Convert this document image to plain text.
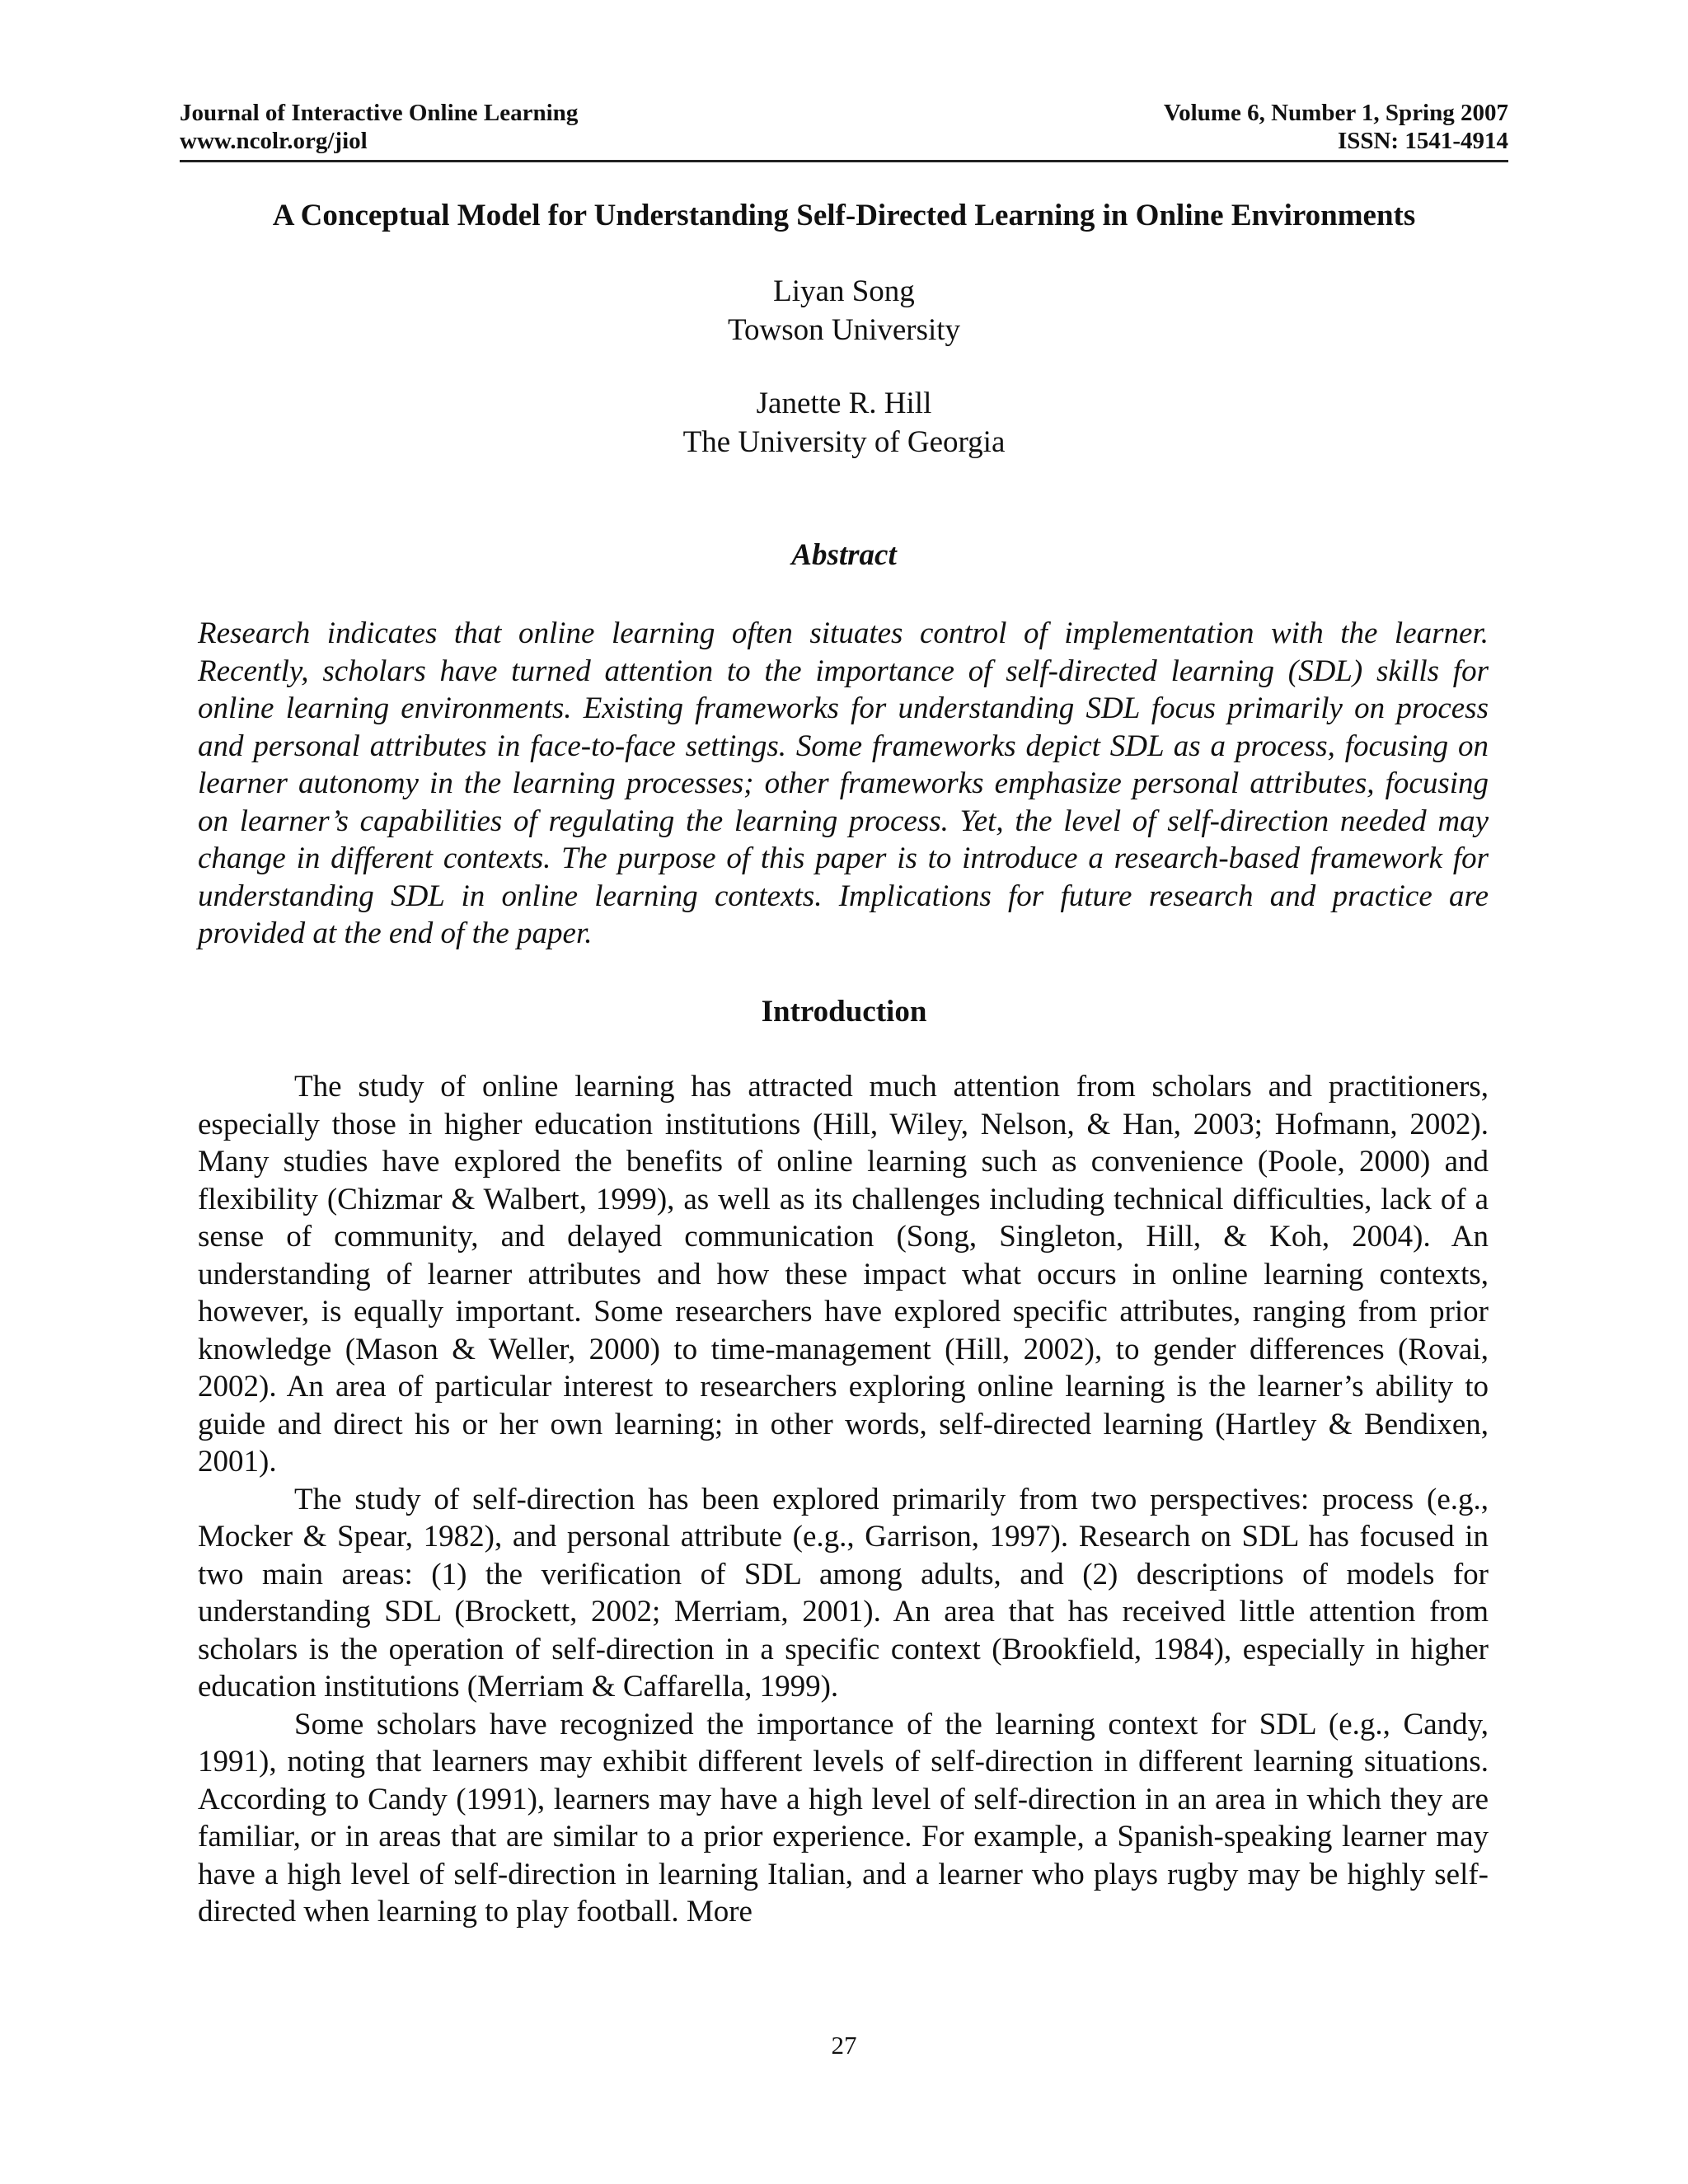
Journal of Interactive Online Learning	Volume 6, Number 1, Spring 2007
www.ncolr.org/jiol	ISSN: 1541-4914
A Conceptual Model for Understanding Self-Directed Learning in Online Environments
Liyan Song
Towson University
Janette R. Hill
The University of Georgia
Abstract

Research indicates that online learning often situates control of implementation with the learner. Recently, scholars have turned attention to the importance of self-directed learning (SDL) skills for online learning environments. Existing frameworks for understanding SDL focus primarily on process and personal attributes in face-to-face settings. Some frameworks depict SDL as a process, focusing on learner autonomy in the learning processes; other frameworks emphasize personal attributes, focusing on learner’s capabilities of regulating the learning process. Yet, the level of self-direction needed may change in different contexts. The purpose of this paper is to introduce a research-based framework for understanding SDL in online learning contexts. Implications for future research and practice are provided at the end of the paper.

Introduction

The study of online learning has attracted much attention from scholars and practitioners, especially those in higher education institutions (Hill, Wiley, Nelson, & Han, 2003; Hofmann, 2002). Many studies have explored the benefits of online learning such as convenience (Poole, 2000) and flexibility (Chizmar & Walbert, 1999), as well as its challenges including technical difficulties, lack of a sense of community, and delayed communication (Song, Singleton, Hill, & Koh, 2004). An understanding of learner attributes and how these impact what occurs in online learning contexts, however, is equally important. Some researchers have explored specific attributes, ranging from prior knowledge (Mason & Weller, 2000) to time-management (Hill, 2002), to gender differences (Rovai, 2002). An area of particular interest to researchers exploring online learning is the learner’s ability to guide and direct his or her own learning; in other words, self-directed learning (Hartley & Bendixen, 2001).

The study of self-direction has been explored primarily from two perspectives: process (e.g., Mocker & Spear, 1982), and personal attribute (e.g., Garrison, 1997). Research on SDL has focused in two main areas: (1) the verification of SDL among adults, and (2) descriptions of models for understanding SDL (Brockett, 2002; Merriam, 2001). An area that has received little attention from scholars is the operation of self-direction in a specific context (Brookfield, 1984), especially in higher education institutions (Merriam & Caffarella, 1999).

Some scholars have recognized the importance of the learning context for SDL (e.g., Candy, 1991), noting that learners may exhibit different levels of self-direction in different learning situations. According to Candy (1991), learners may have a high level of self-direction in an area in which they are familiar, or in areas that are similar to a prior experience. For example, a Spanish-speaking learner may have a high level of self-direction in learning Italian, and a learner who plays rugby may be highly self-directed when learning to play football. More

27
